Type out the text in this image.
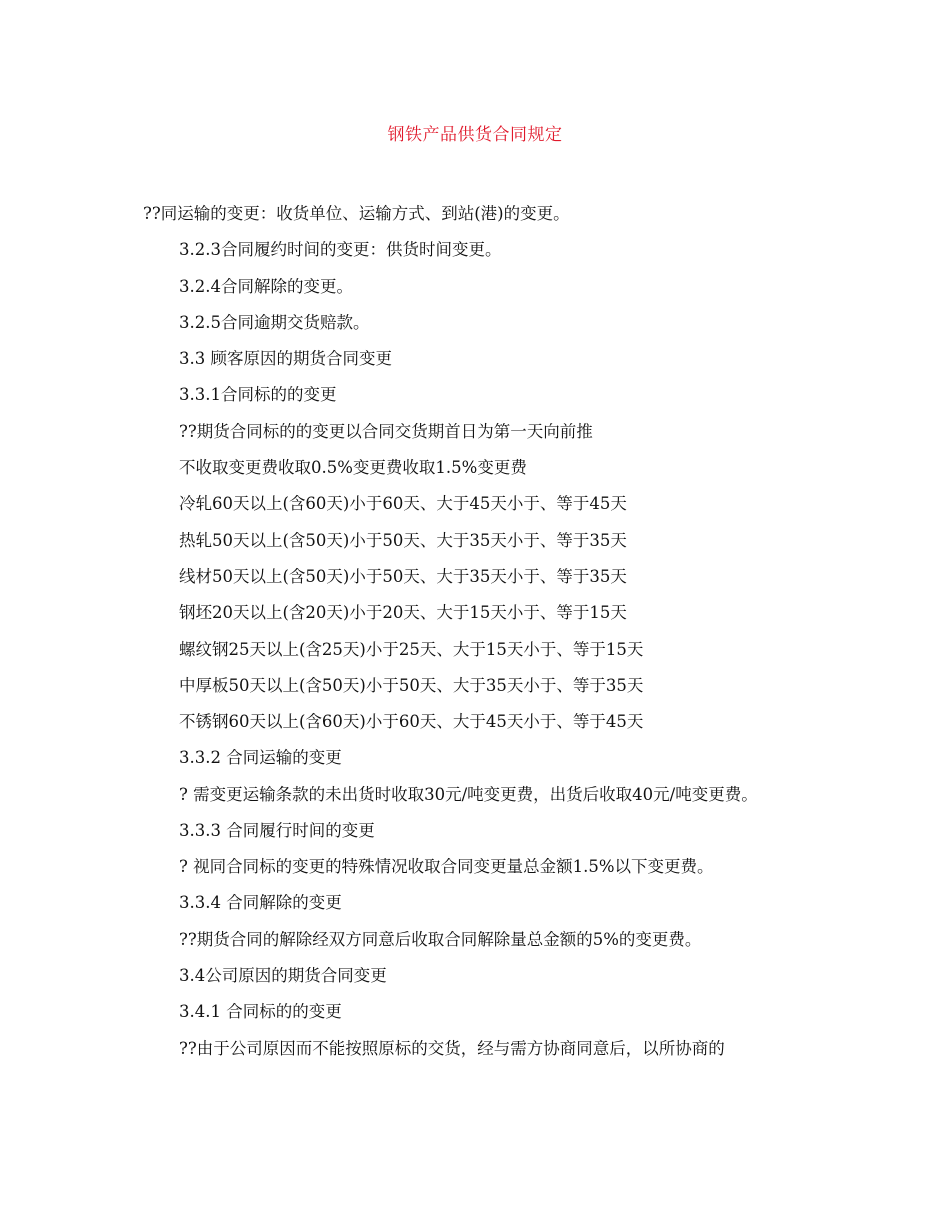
钢铁产品供货合同规定

??同运输的变更：收货单位、运输方式、到站(港)的变更。

3.2.3合同履约时间的变更：供货时间变更。

3.2.4合同解除的变更。

3.2.5合同逾期交货赔款。

3.3 顾客原因的期货合同变更

3.3.1合同标的的变更

??期货合同标的的变更以合同交货期首日为第一天向前推

不收取变更费收取0.5%变更费收取1.5%变更费

冷轧60天以上(含60天)小于60天、大于45天小于、等于45天

热轧50天以上(含50天)小于50天、大于35天小于、等于35天

线材50天以上(含50天)小于50天、大于35天小于、等于35天

钢坯20天以上(含20天)小于20天、大于15天小于、等于15天

螺纹钢25天以上(含25天)小于25天、大于15天小于、等于15天

中厚板50天以上(含50天)小于50天、大于35天小于、等于35天

不锈钢60天以上(含60天)小于60天、大于45天小于、等于45天

3.3.2 合同运输的变更

? 需变更运输条款的未出货时收取30元/吨变更费，出货后收取40元/吨变更费。

3.3.3 合同履行时间的变更

? 视同合同标的变更的特殊情况收取合同变更量总金额1.5%以下变更费。

3.3.4 合同解除的变更

??期货合同的解除经双方同意后收取合同解除量总金额的5%的变更费。

3.4公司原因的期货合同变更

3.4.1 合同标的的变更

??由于公司原因而不能按照原标的交货，经与需方协商同意后，以所协商的
